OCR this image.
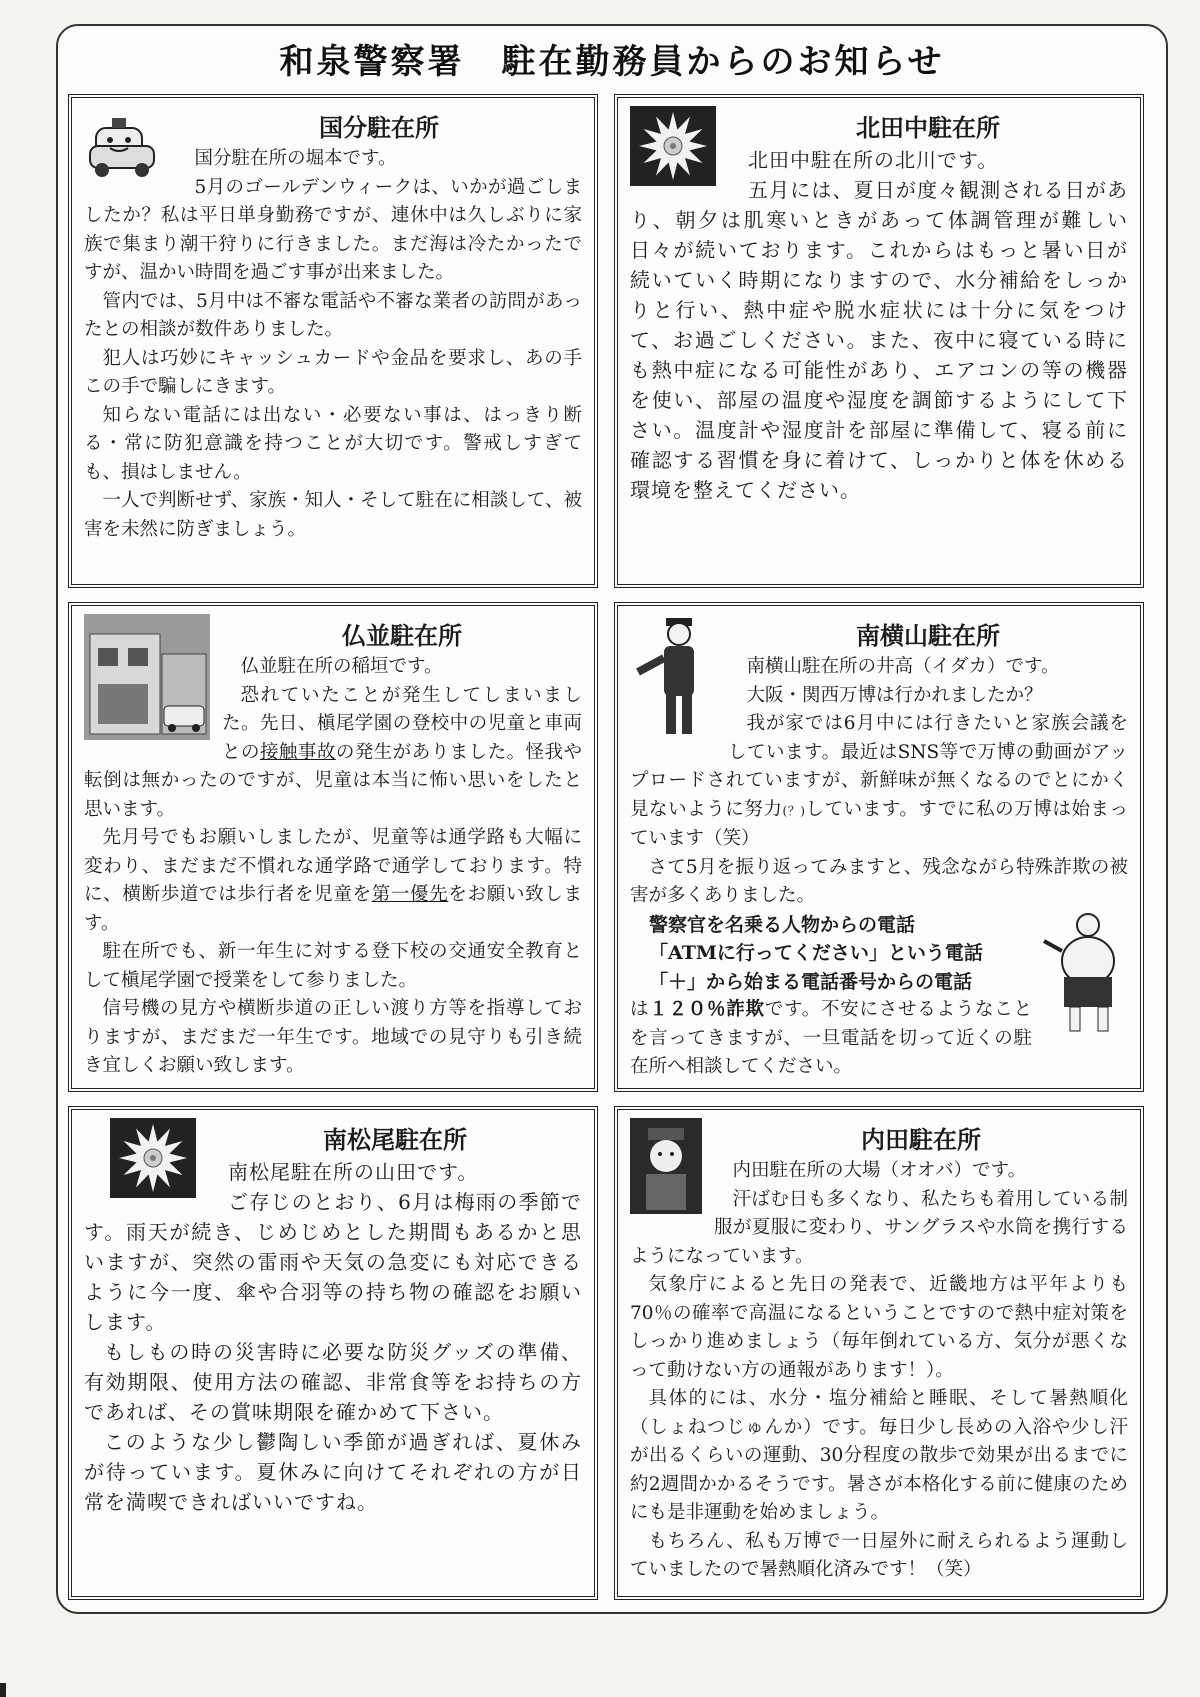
和泉警察署　駐在勤務員からのお知らせ
国分駐在所

国分駐在所の堀本です。

5月のゴールデンウィークは、いかが過ごしましたか？私は平日単身勤務ですが、連休中は久しぶりに家族で集まり潮干狩りに行きました。まだ海は冷たかったですが、温かい時間を過ごす事が出来ました。

管内では、5月中は不審な電話や不審な業者の訪問があったとの相談が数件ありました。

犯人は巧妙にキャッシュカードや金品を要求し、あの手この手で騙しにきます。

知らない電話には出ない・必要ない事は、はっきり断る・常に防犯意識を持つことが大切です。警戒しすぎても、損はしません。

一人で判断せず、家族・知人・そして駐在に相談して、被害を未然に防ぎましょう。

北田中駐在所

北田中駐在所の北川です。

五月には、夏日が度々観測される日があり、朝夕は肌寒いときがあって体調管理が難しい日々が続いております。これからはもっと暑い日が続いていく時期になりますので、水分補給をしっかりと行い、熱中症や脱水症状には十分に気をつけて、お過ごしください。また、夜中に寝ている時にも熱中症になる可能性があり、エアコンの等の機器を使い、部屋の温度や湿度を調節するようにして下さい。温度計や湿度計を部屋に準備して、寝る前に確認する習慣を身に着けて、しっかりと体を休める環境を整えてください。

仏並駐在所

仏並駐在所の稲垣です。

恐れていたことが発生してしまいました。先日、槇尾学園の登校中の児童と車両との接触事故の発生がありました。怪我や転倒は無かったのですが、児童は本当に怖い思いをしたと思います。

先月号でもお願いしましたが、児童等は通学路も大幅に変わり、まだまだ不慣れな通学路で通学しております。特に、横断歩道では歩行者を児童を第一優先をお願い致します。

駐在所でも、新一年生に対する登下校の交通安全教育として槇尾学園で授業をして参りました。

信号機の見方や横断歩道の正しい渡り方等を指導しておりますが、まだまだ一年生です。地域での見守りも引き続き宜しくお願い致します。

南横山駐在所

南横山駐在所の井高（イダカ）です。

大阪・関西万博は行かれましたか？

我が家では6月中には行きたいと家族会議をしています。最近はSNS等で万博の動画がアップロードされていますが、新鮮味が無くなるのでとにかく見ないように努力(？)しています。すでに私の万博は始まっています（笑）

さて5月を振り返ってみますと、残念ながら特殊詐欺の被害が多くありました。

警察官を名乗る人物からの電話

「ATMに行ってください」という電話

「＋」から始まる電話番号からの電話

は１２０％詐欺です。不安にさせるようなことを言ってきますが、一旦電話を切って近くの駐在所へ相談してください。

南松尾駐在所

南松尾駐在所の山田です。

ご存じのとおり、6月は梅雨の季節です。雨天が続き、じめじめとした期間もあるかと思いますが、突然の雷雨や天気の急変にも対応できるように今一度、傘や合羽等の持ち物の確認をお願いします。

もしもの時の災害時に必要な防災グッズの準備、有効期限、使用方法の確認、非常食等をお持ちの方であれば、その賞味期限を確かめて下さい。

このような少し鬱陶しい季節が過ぎれば、夏休みが待っています。夏休みに向けてそれぞれの方が日常を満喫できればいいですね。

内田駐在所

内田駐在所の大場（オオバ）です。

汗ばむ日も多くなり、私たちも着用している制服が夏服に変わり、サングラスや水筒を携行するようになっています。

気象庁によると先日の発表で、近畿地方は平年よりも70％の確率で高温になるということですので熱中症対策をしっかり進めましょう（毎年倒れている方、気分が悪くなって動けない方の通報があります！）。

具体的には、水分・塩分補給と睡眠、そして暑熱順化（しょねつじゅんか）です。毎日少し長めの入浴や少し汗が出るくらいの運動、30分程度の散歩で効果が出るまでに約2週間かかるそうです。暑さが本格化する前に健康のためにも是非運動を始めましょう。

もちろん、私も万博で一日屋外に耐えられるよう運動していましたので暑熱順化済みです！（笑）
